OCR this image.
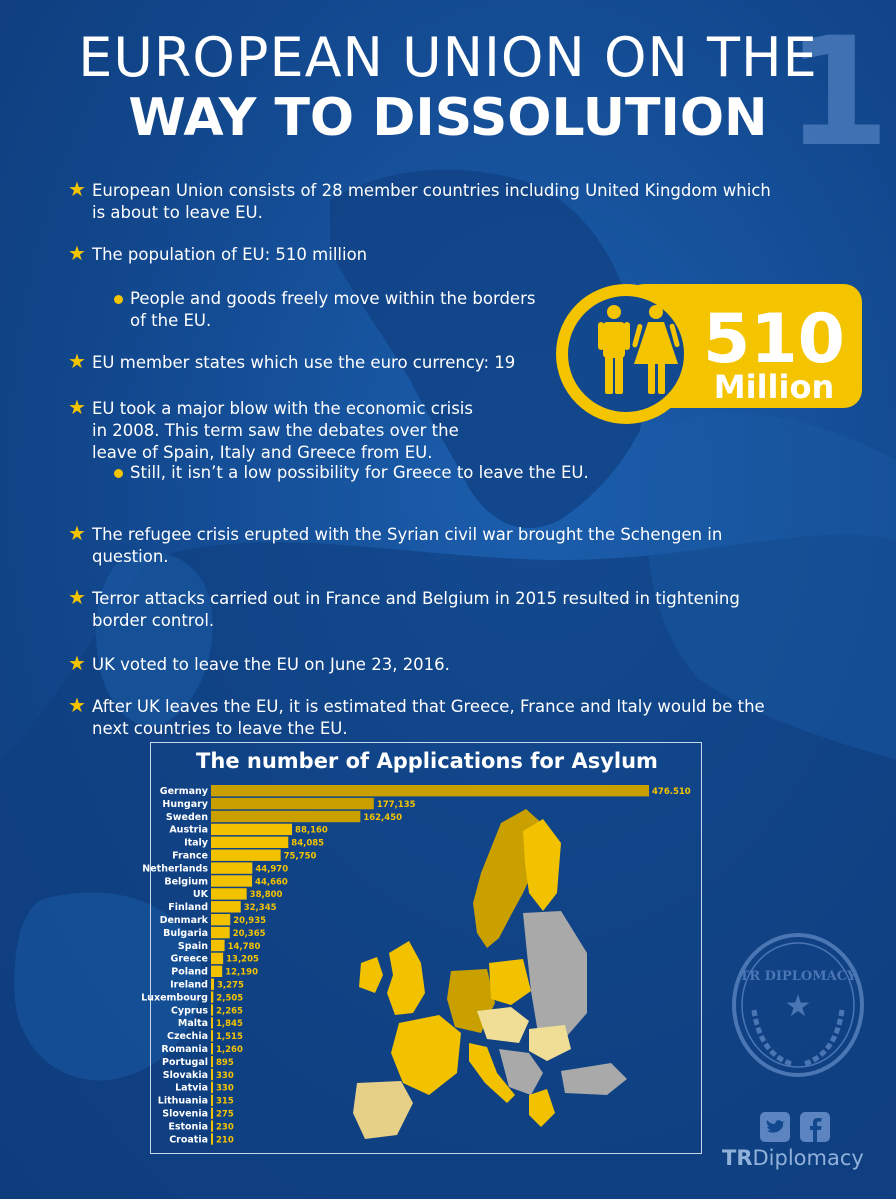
1
EUROPEAN UNION ON THE
WAY TO DISSOLUTION
★ European Union consists of 28 member countries including United Kingdom which
is about to leave EU.
★ The population of EU: 510 million
People and goods freely move within the borders
of the EU.
★ EU member states which use the euro currency: 19
★ EU took a major blow with the economic crisis
in 2008. This term saw the debates over the
leave of Spain, Italy and Greece from EU.
Still, it isn’t a low possibility for Greece to leave the EU.
★ The refugee crisis erupted with the Syrian civil war brought the Schengen in
question.
★ Terror attacks carried out in France and Belgium in 2015 resulted in tightening
border control.
★ UK voted to leave the EU on June 23, 2016.
★ After UK leaves the EU, it is estimated that Greece, France and Italy would be the
next countries to leave the EU.
510
Million
The number of Applications for Asylum
Germany	476.510
Hungary	177,135
Sweden	162,450
Austria	88,160
Italy	84,085
France	75,750
Netherlands	44,970
Belgium	44,660
UK	38,800
Finland	32,345
Denmark	20,935
Bulgaria	20,365
Spain 14,780
Greece 13,205
Poland 12,190
Ireland 3,275
Luxembourg 2,505
Cyprus 2,265
Malta 1,845
Czechia 1,515
Romania 1,260
Portugal 895
Slovakia 330
Latvia 330
Lithuania 315
Slovenia 275
Estonia 230
Croatia 210
TR DIPLOMACY
★
TRDiplomacy
